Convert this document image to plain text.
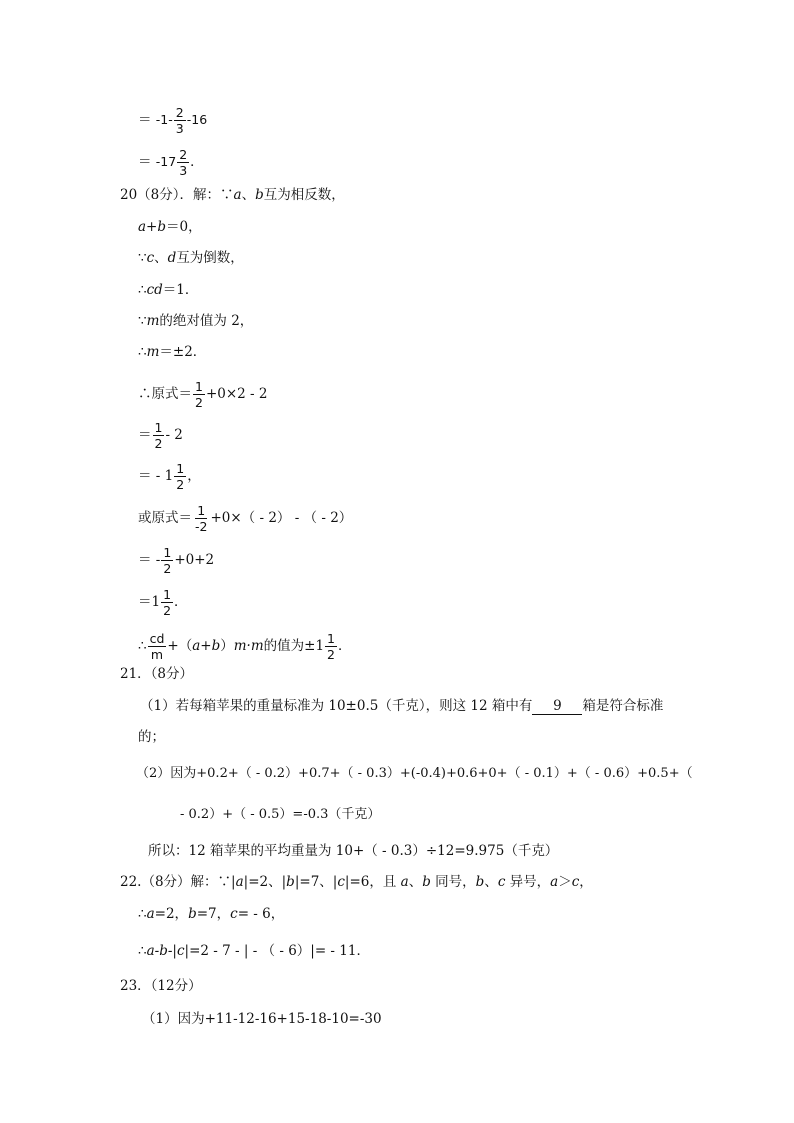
＝ $-1- \frac{2}{3} -16$
＝ $-17 \frac{2}{3}$ ．
20（8分）．解：∵a、b互为相反数，
a+b＝0，
∵c、d互为倒数，
∴cd＝1．
∵m的绝对值为 2，
∴m＝±2．
∴原式＝ $\frac{1}{2} +0\times 2 - 2$
＝ $\frac{1}{2} - 2$
＝ - $1 \frac{1}{2}$ ，
或原式＝ $\frac{1}{-2} +0\times( - 2)$ - （ - 2）
＝ - $\frac{1}{2} +0+2$
$=1 \frac{1}{2}$ ．
∴ $\frac{cd}{m} +(a+b)m\cdot m$的值为$\pm 1 \frac{1}{2}$ ．
21．（8分）
（1）若每箱苹果的重量标准为 10±0.5（千克），则这 12 箱中有 9 箱是符合标准
的；
（2）因为+0.2+（ - 0.2）+0.7+（ - 0.3）+(-0.4)+0.6+0+（ - 0.1）+（ - 0.6）+0.5+（
- 0.2）+（ - 0.5）=-0.3（千克）
所以：12 箱苹果的平均重量为 10+（ - 0.3）÷12=9.975（千克）
22.（8分）解：∵|a|=2、|b|=7、|c|=6，且 a、b 同号，b、c 异号，a＞c，
∴a=2，b=7，c= - 6，
∴a-b-|c|=2 - 7 - | - （ - 6）|= - 11．
23．（12分）
（1）因为+11-12-16+15-18-10=-30
